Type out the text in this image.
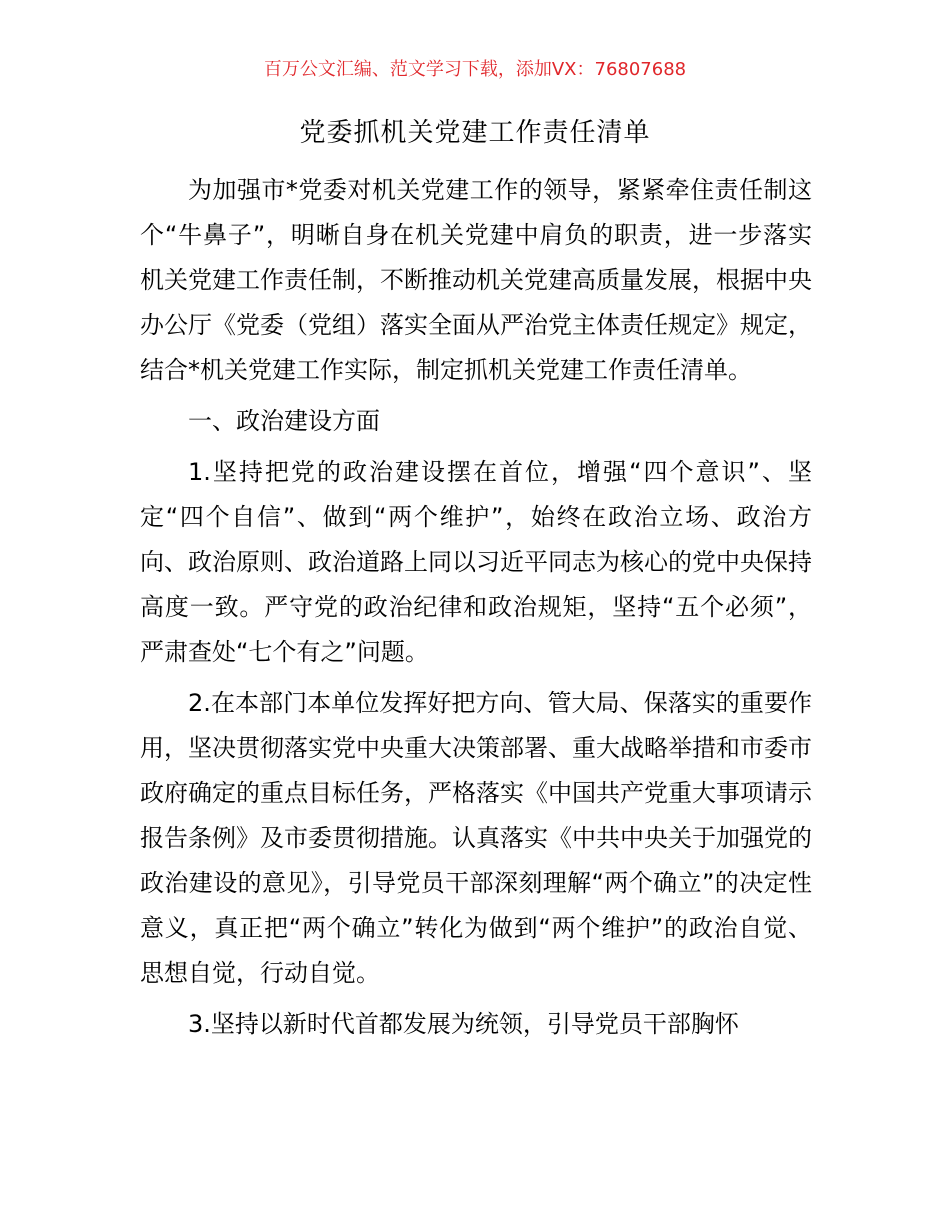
百万公文汇编、范文学习下载，添加VX：76807688

党委抓机关党建工作责任清单

为加强市*党委对机关党建工作的领导，紧紧牵住责任制这个“牛鼻子”，明晰自身在机关党建中肩负的职责，进一步落实机关党建工作责任制，不断推动机关党建高质量发展，根据中央办公厅《党委（党组）落实全面从严治党主体责任规定》规定，结合*机关党建工作实际，制定抓机关党建工作责任清单。

一、政治建设方面

1.坚持把党的政治建设摆在首位，增强“四个意识”、坚定“四个自信”、做到“两个维护”，始终在政治立场、政治方向、政治原则、政治道路上同以习近平同志为核心的党中央保持高度一致。严守党的政治纪律和政治规矩，坚持“五个必须”，严肃查处“七个有之”问题。

2.在本部门本单位发挥好把方向、管大局、保落实的重要作用，坚决贯彻落实党中央重大决策部署、重大战略举措和市委市政府确定的重点目标任务，严格落实《中国共产党重大事项请示报告条例》及市委贯彻措施。认真落实《中共中央关于加强党的政治建设的意见》，引导党员干部深刻理解“两个确立”的决定性意义，真正把“两个确立”转化为做到“两个维护”的政治自觉、思想自觉，行动自觉。

3.坚持以新时代首都发展为统领，引导党员干部胸怀
